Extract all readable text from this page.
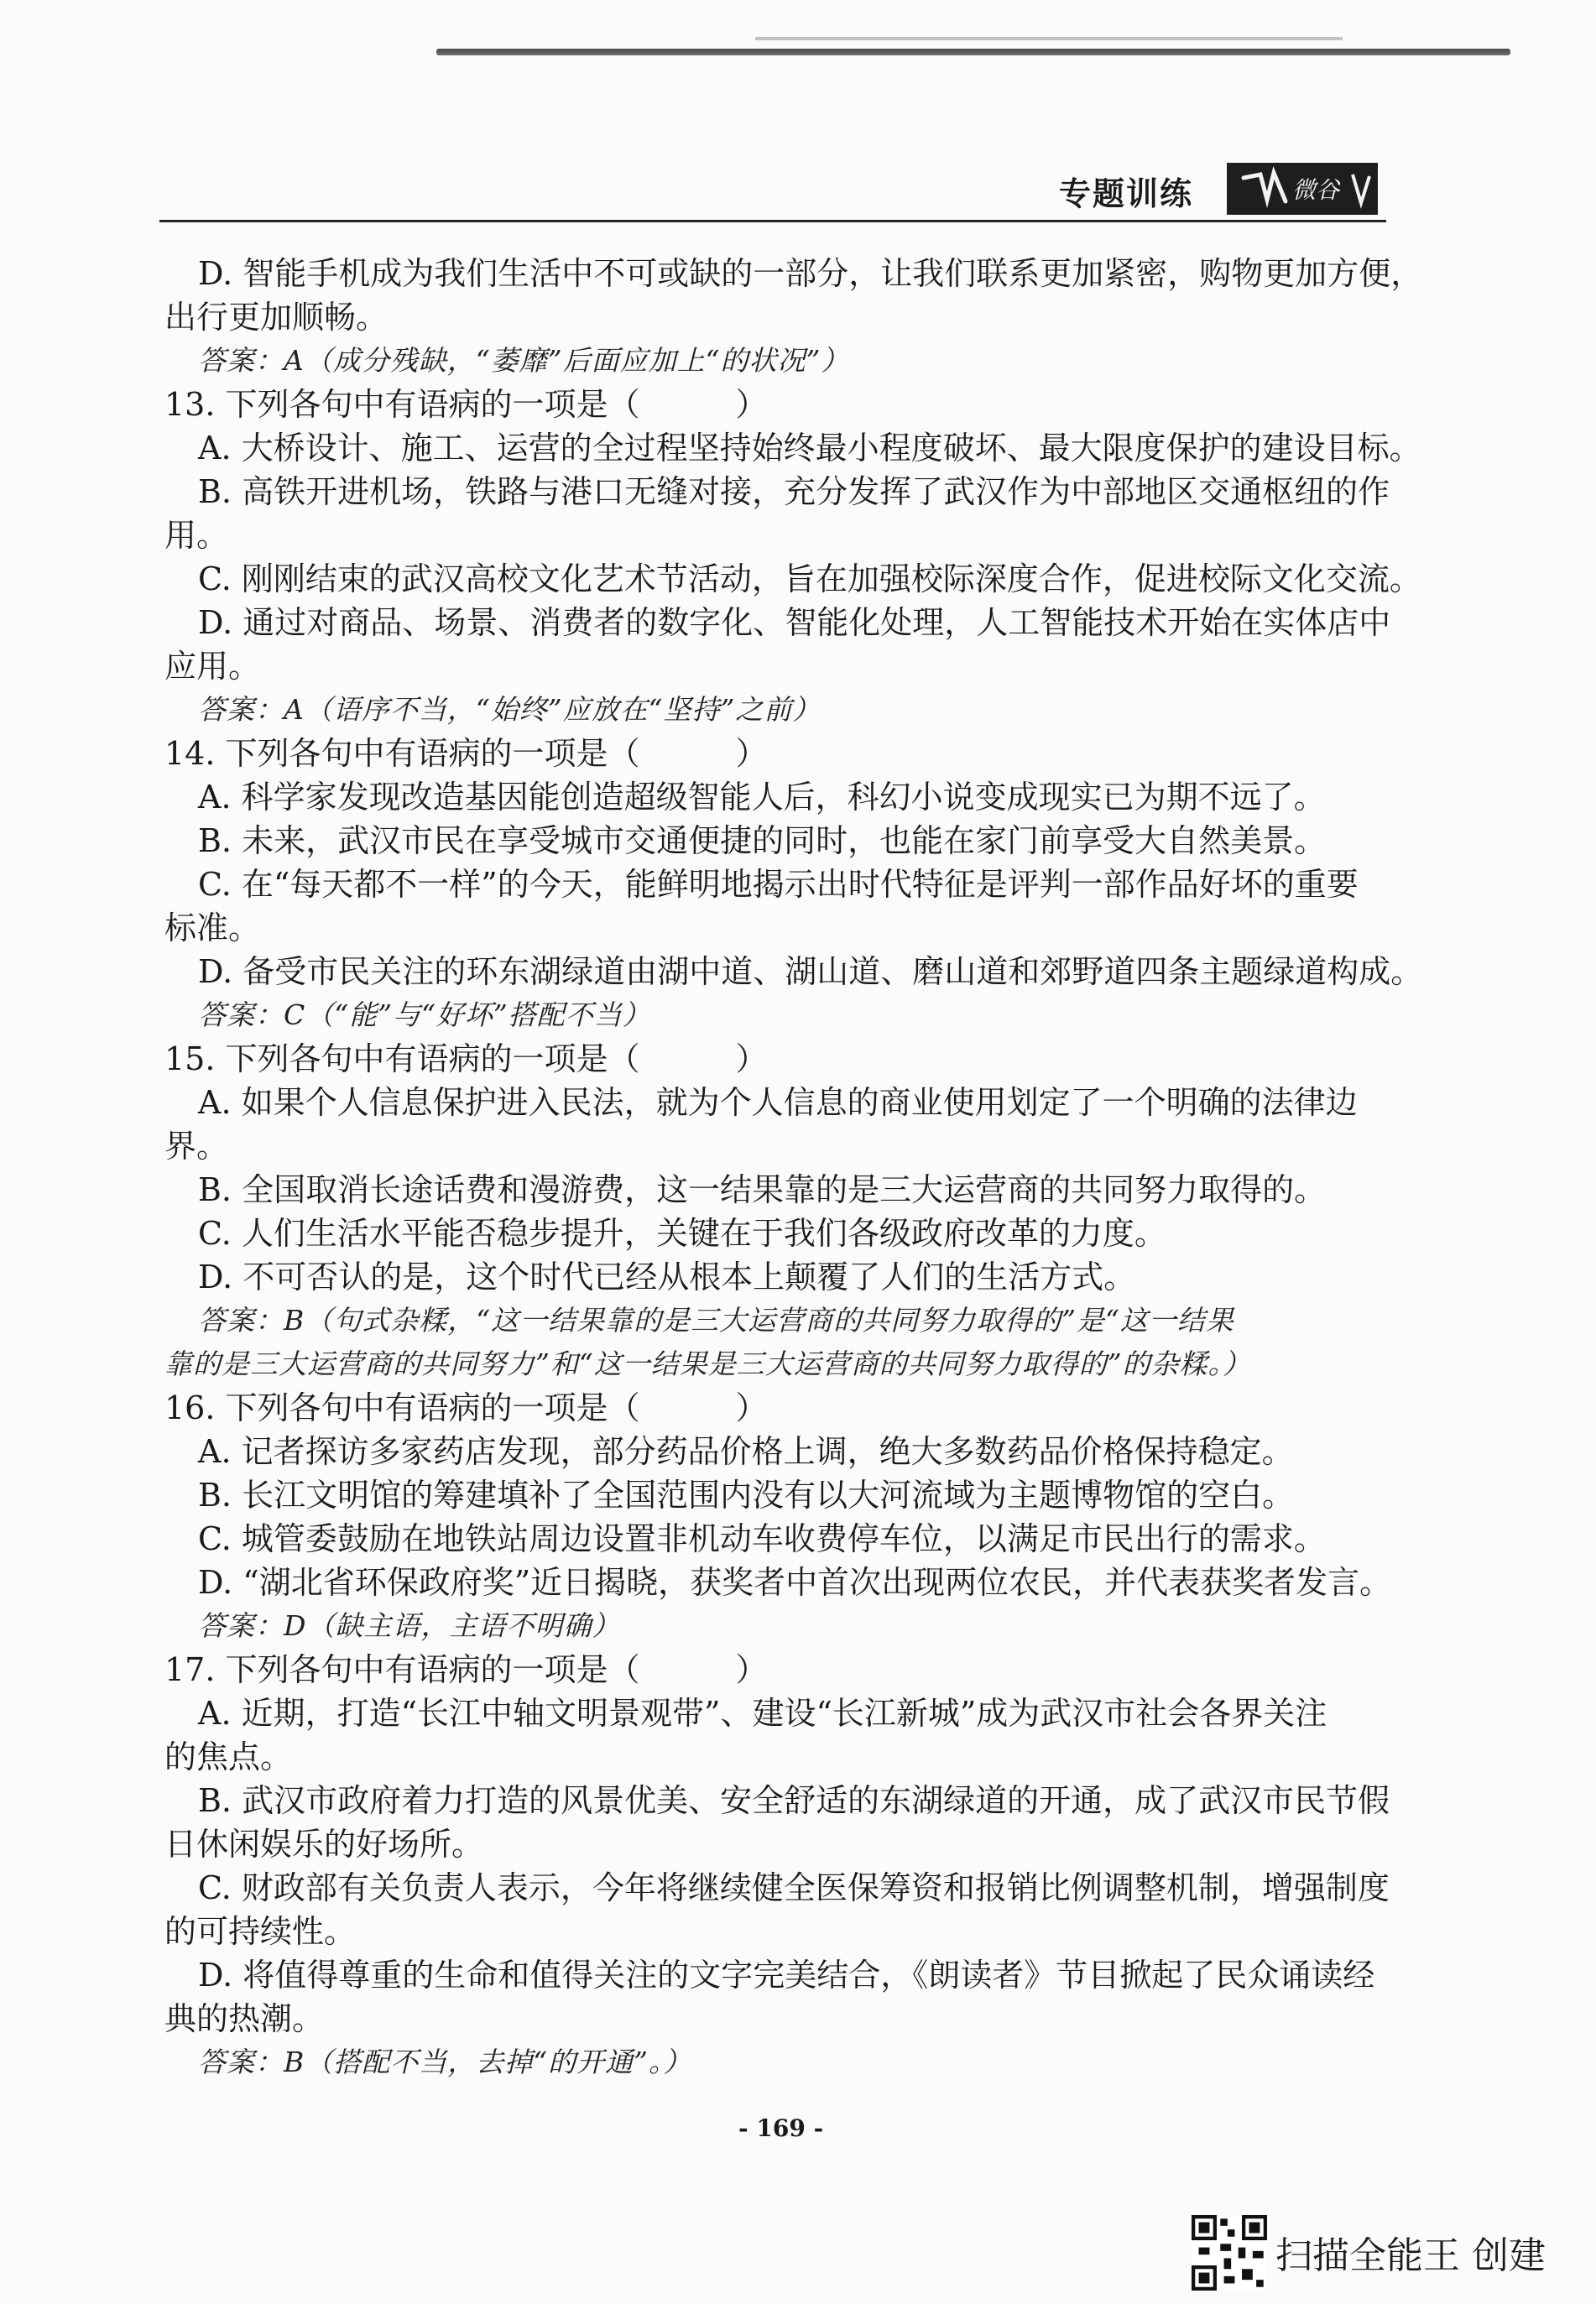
专题训练	微谷
D. 智能手机成为我们生活中不可或缺的一部分，让我们联系更加紧密，购物更加方便，
出行更加顺畅。
答案：A（成分残缺，“萎靡”后面应加上“的状况”）
13. 下列各句中有语病的一项是（　　　）
A. 大桥设计、施工、运营的全过程坚持始终最小程度破坏、最大限度保护的建设目标。
B. 高铁开进机场，铁路与港口无缝对接，充分发挥了武汉作为中部地区交通枢纽的作
用。
C. 刚刚结束的武汉高校文化艺术节活动，旨在加强校际深度合作，促进校际文化交流。
D. 通过对商品、场景、消费者的数字化、智能化处理，人工智能技术开始在实体店中
应用。
答案：A（语序不当，“始终”应放在“坚持”之前）
14. 下列各句中有语病的一项是（　　　）
A. 科学家发现改造基因能创造超级智能人后，科幻小说变成现实已为期不远了。
B. 未来，武汉市民在享受城市交通便捷的同时，也能在家门前享受大自然美景。
C. 在“每天都不一样”的今天，能鲜明地揭示出时代特征是评判一部作品好坏的重要
标准。
D. 备受市民关注的环东湖绿道由湖中道、湖山道、磨山道和郊野道四条主题绿道构成。
答案：C（“能”与“好坏”搭配不当）
15. 下列各句中有语病的一项是（　　　）
A. 如果个人信息保护进入民法，就为个人信息的商业使用划定了一个明确的法律边
界。
B. 全国取消长途话费和漫游费，这一结果靠的是三大运营商的共同努力取得的。
C. 人们生活水平能否稳步提升，关键在于我们各级政府改革的力度。
D. 不可否认的是，这个时代已经从根本上颠覆了人们的生活方式。
答案：B（句式杂糅，“这一结果靠的是三大运营商的共同努力取得的”是“这一结果
靠的是三大运营商的共同努力”和“这一结果是三大运营商的共同努力取得的”的杂糅。）
16. 下列各句中有语病的一项是（　　　）
A. 记者探访多家药店发现，部分药品价格上调，绝大多数药品价格保持稳定。
B. 长江文明馆的筹建填补了全国范围内没有以大河流域为主题博物馆的空白。
C. 城管委鼓励在地铁站周边设置非机动车收费停车位，以满足市民出行的需求。
D. “湖北省环保政府奖”近日揭晓，获奖者中首次出现两位农民，并代表获奖者发言。
答案：D（缺主语，主语不明确）
17. 下列各句中有语病的一项是（　　　）
A. 近期，打造“长江中轴文明景观带”、建设“长江新城”成为武汉市社会各界关注
的焦点。
B. 武汉市政府着力打造的风景优美、安全舒适的东湖绿道的开通，成了武汉市民节假
日休闲娱乐的好场所。
C. 财政部有关负责人表示，今年将继续健全医保筹资和报销比例调整机制，增强制度
的可持续性。
D. 将值得尊重的生命和值得关注的文字完美结合，《朗读者》节目掀起了民众诵读经
典的热潮。
答案：B（搭配不当，去掉“的开通”。）
- 169 -
扫描全能王 创建
